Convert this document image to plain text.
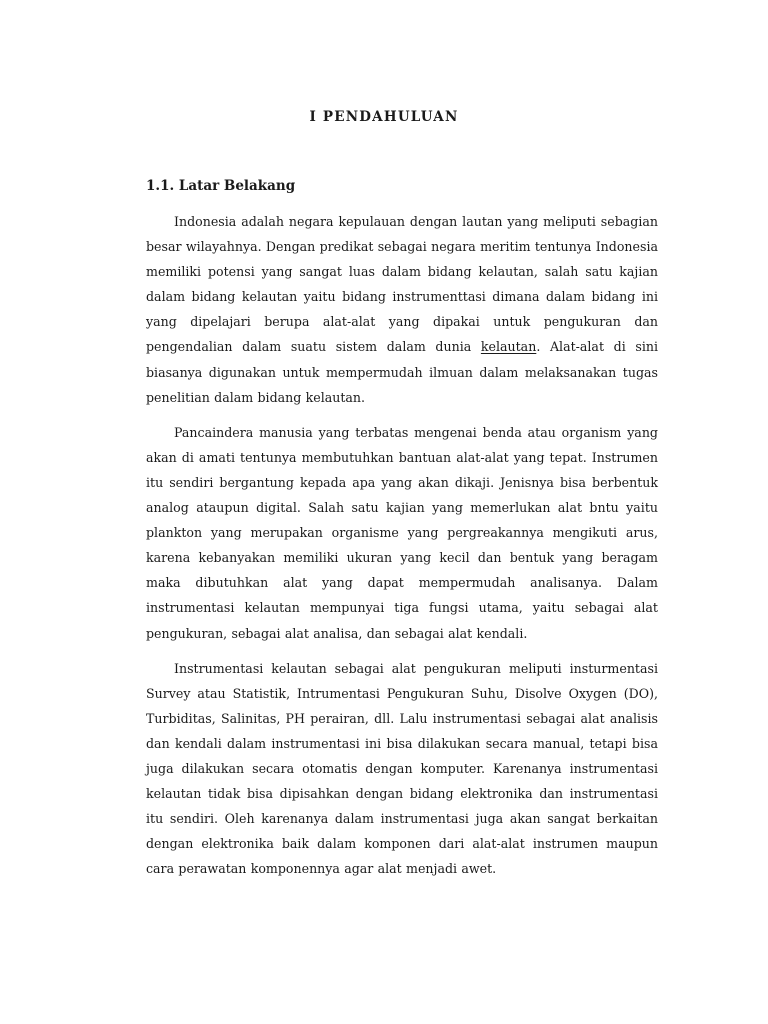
I PENDAHULUAN
1.1. Latar Belakang

Indonesia adalah negara kepulauan dengan lautan yang meliputi sebagian besar wilayahnya. Dengan predikat sebagai negara meritim tentunya Indonesia memiliki potensi yang sangat luas dalam bidang kelautan, salah satu kajian dalam bidang kelautan yaitu bidang instrumenttasi dimana dalam bidang ini yang dipelajari berupa alat-alat yang dipakai untuk pengukuran dan pengendalian dalam suatu sistem dalam dunia kelautan. Alat-alat di sini biasanya digunakan untuk mempermudah ilmuan dalam melaksanakan tugas penelitian dalam bidang kelautan.

Pancaindera manusia yang terbatas mengenai benda atau organism yang akan di amati tentunya membutuhkan bantuan alat-alat yang tepat. Instrumen itu sendiri bergantung kepada apa yang akan dikaji. Jenisnya bisa berbentuk analog ataupun digital. Salah satu kajian yang memerlukan alat bntu yaitu plankton yang merupakan organisme yang pergreakannya mengikuti arus, karena kebanyakan memiliki ukuran yang kecil dan bentuk yang beragam maka dibutuhkan alat yang dapat mempermudah analisanya. Dalam instrumentasi kelautan mempunyai tiga fungsi utama, yaitu sebagai alat pengukuran, sebagai alat analisa, dan sebagai alat kendali.

Instrumentasi kelautan sebagai alat pengukuran meliputi insturmentasi Survey atau Statistik, Intrumentasi Pengukuran Suhu, Disolve Oxygen (DO), Turbiditas, Salinitas, PH perairan, dll. Lalu instrumentasi sebagai alat analisis dan kendali dalam instrumentasi ini bisa dilakukan secara manual, tetapi bisa juga dilakukan secara otomatis dengan komputer. Karenanya instrumentasi kelautan tidak bisa dipisahkan dengan bidang elektronika dan instrumentasi itu sendiri. Oleh karenanya dalam instrumentasi juga akan sangat berkaitan dengan elektronika baik dalam komponen dari alat-alat instrumen maupun cara perawatan komponennya agar alat menjadi awet.
